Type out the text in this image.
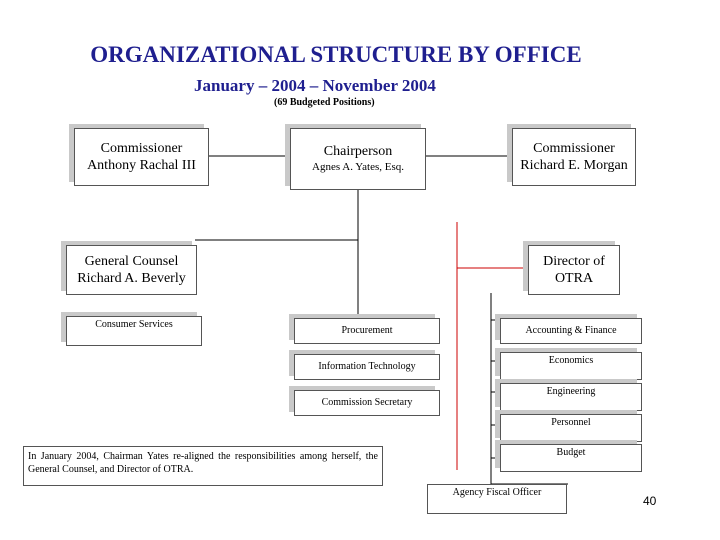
ORGANIZATIONAL STRUCTURE BY OFFICE
January – 2004 – November 2004
(69 Budgeted Positions)
Commissioner
Anthony Rachal III
Chairperson
Agnes A. Yates, Esq.
Commissioner
Richard E. Morgan
General Counsel
Richard A. Beverly
Director of
OTRA
Consumer Services
Procurement
Information Technology
Commission Secretary
Accounting & Finance
Economics
Engineering
Personnel
Budget
Agency Fiscal Officer
In January 2004, Chairman Yates re-aligned the responsibilities among herself, the General Counsel, and Director of OTRA.
40
